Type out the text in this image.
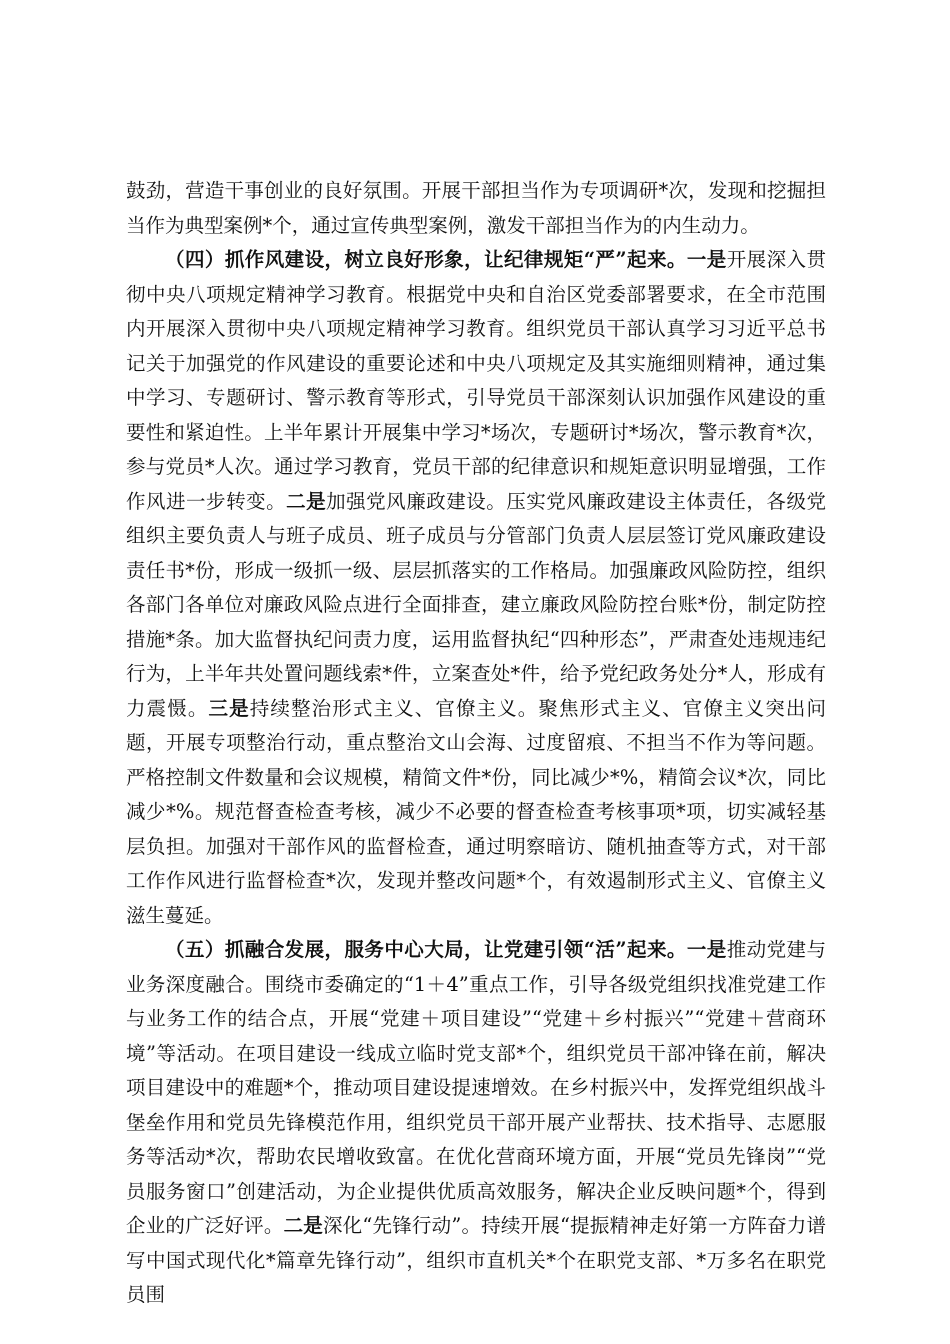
鼓劲，营造干事创业的良好氛围。开展干部担当作为专项调研*次，发现和挖掘担当作为典型案例*个，通过宣传典型案例，激发干部担当作为的内生动力。

（四）抓作风建设，树立良好形象，让纪律规矩“严”起来。一是开展深入贯彻中央八项规定精神学习教育。根据党中央和自治区党委部署要求，在全市范围内开展深入贯彻中央八项规定精神学习教育。组织党员干部认真学习习近平总书记关于加强党的作风建设的重要论述和中央八项规定及其实施细则精神，通过集中学习、专题研讨、警示教育等形式，引导党员干部深刻认识加强作风建设的重要性和紧迫性。上半年累计开展集中学习*场次，专题研讨*场次，警示教育*次，参与党员*人次。通过学习教育，党员干部的纪律意识和规矩意识明显增强，工作作风进一步转变。二是加强党风廉政建设。压实党风廉政建设主体责任，各级党组织主要负责人与班子成员、班子成员与分管部门负责人层层签订党风廉政建设责任书*份，形成一级抓一级、层层抓落实的工作格局。加强廉政风险防控，组织各部门各单位对廉政风险点进行全面排查，建立廉政风险防控台账*份，制定防控措施*条。加大监督执纪问责力度，运用监督执纪“四种形态”，严肃查处违规违纪行为，上半年共处置问题线索*件，立案查处*件，给予党纪政务处分*人，形成有力震慑。三是持续整治形式主义、官僚主义。聚焦形式主义、官僚主义突出问题，开展专项整治行动，重点整治文山会海、过度留痕、不担当不作为等问题。严格控制文件数量和会议规模，精简文件*份，同比减少*%，精简会议*次，同比减少*%。规范督查检查考核，减少不必要的督查检查考核事项*项，切实减轻基层负担。加强对干部作风的监督检查，通过明察暗访、随机抽查等方式，对干部工作作风进行监督检查*次，发现并整改问题*个，有效遏制形式主义、官僚主义滋生蔓延。

（五）抓融合发展，服务中心大局，让党建引领“活”起来。一是推动党建与业务深度融合。围绕市委确定的“1＋4”重点工作，引导各级党组织找准党建工作与业务工作的结合点，开展“党建＋项目建设”“党建＋乡村振兴”“党建＋营商环境”等活动。在项目建设一线成立临时党支部*个，组织党员干部冲锋在前，解决项目建设中的难题*个，推动项目建设提速增效。在乡村振兴中，发挥党组织战斗堡垒作用和党员先锋模范作用，组织党员干部开展产业帮扶、技术指导、志愿服务等活动*次，帮助农民增收致富。在优化营商环境方面，开展“党员先锋岗”“党员服务窗口”创建活动，为企业提供优质高效服务，解决企业反映问题*个，得到企业的广泛好评。二是深化“先锋行动”。持续开展“提振精神走好第一方阵奋力谱写中国式现代化*篇章先锋行动”，组织市直机关*个在职党支部、*万多名在职党员围
